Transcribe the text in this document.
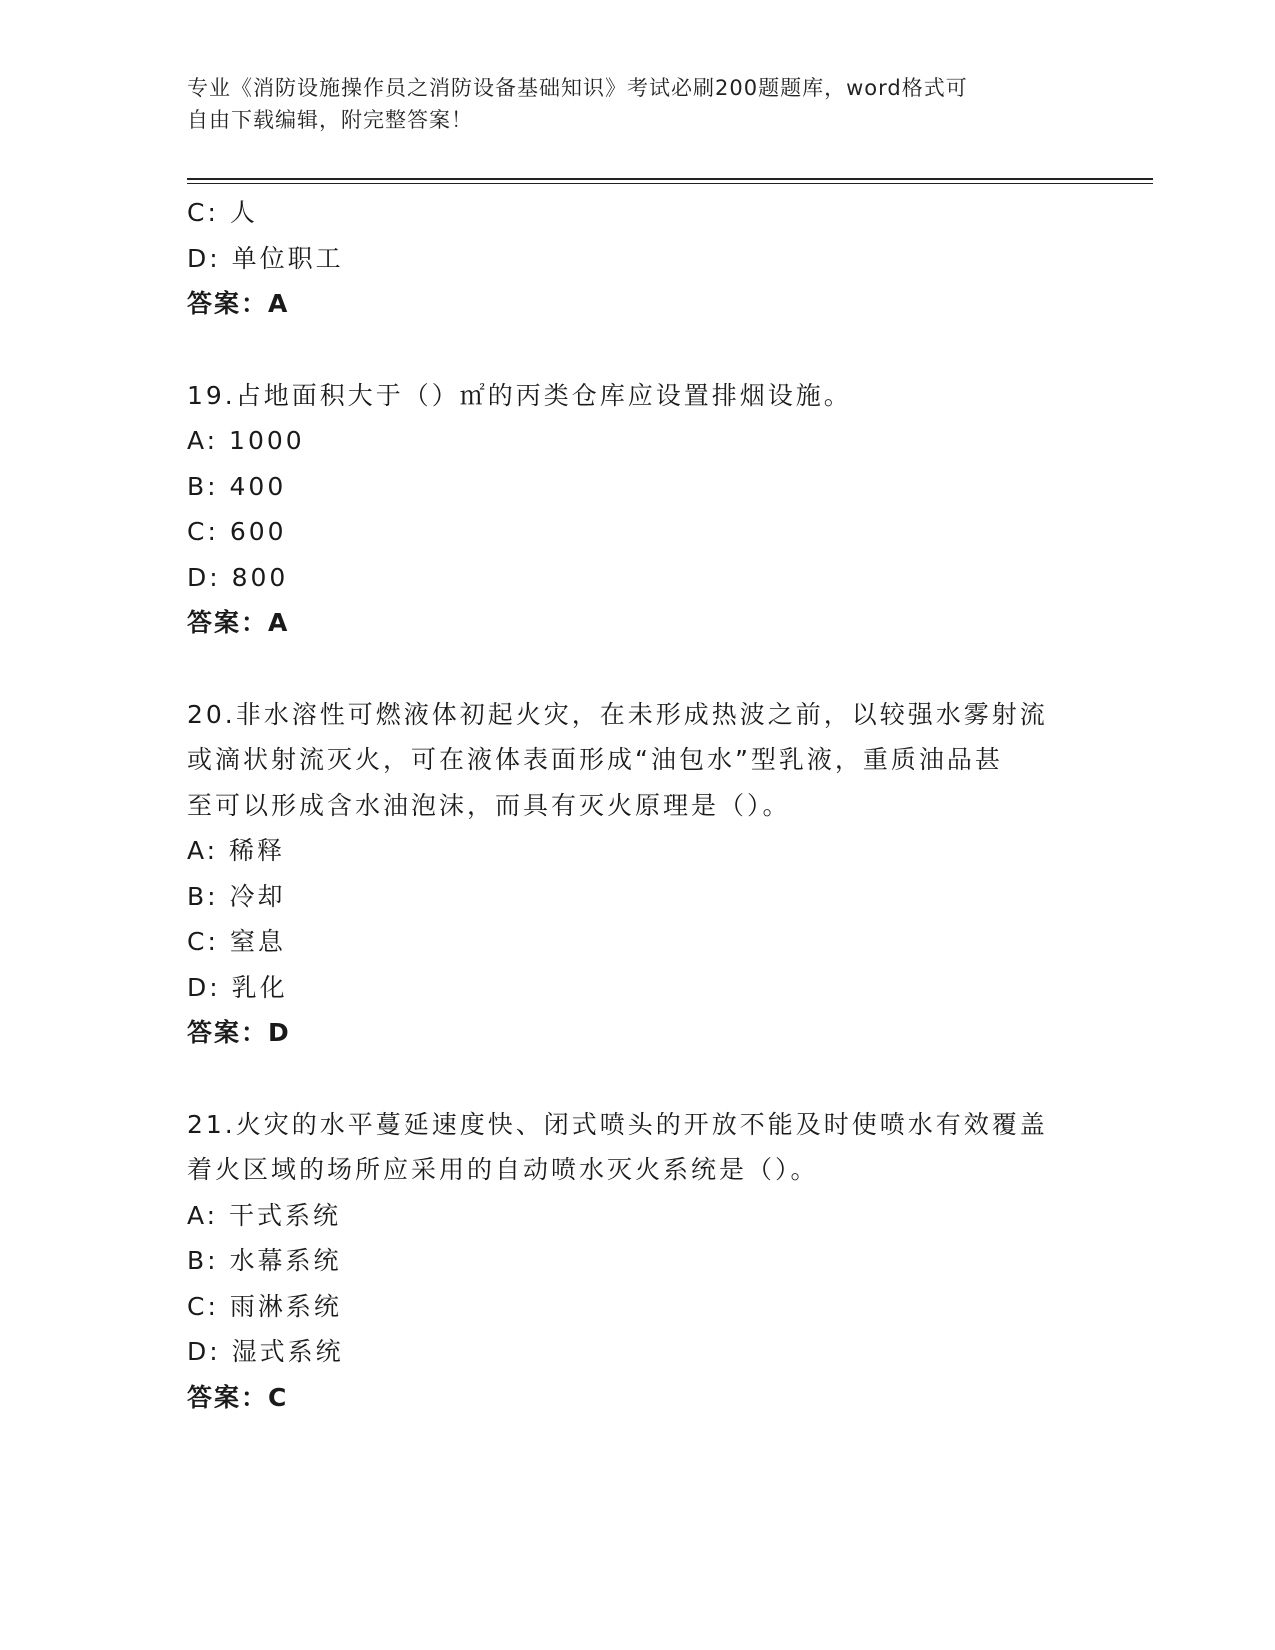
专业《消防设施操作员之消防设备基础知识》考试必刷200题题库，word格式可
自由下载编辑，附完整答案！
C: 人
D: 单位职工
答案：A
19.占地面积大于（）㎡的丙类仓库应设置排烟设施。
A: 1000
B: 400
C: 600
D: 800
答案：A
20.非水溶性可燃液体初起火灾，在未形成热波之前，以较强水雾射流
或滴状射流灭火，可在液体表面形成“油包水”型乳液，重质油品甚
至可以形成含水油泡沫，而具有灭火原理是（）。
A: 稀释
B: 冷却
C: 窒息
D: 乳化
答案：D
21.火灾的水平蔓延速度快、闭式喷头的开放不能及时使喷水有效覆盖
着火区域的场所应采用的自动喷水灭火系统是（）。
A: 干式系统
B: 水幕系统
C: 雨淋系统
D: 湿式系统
答案：C
